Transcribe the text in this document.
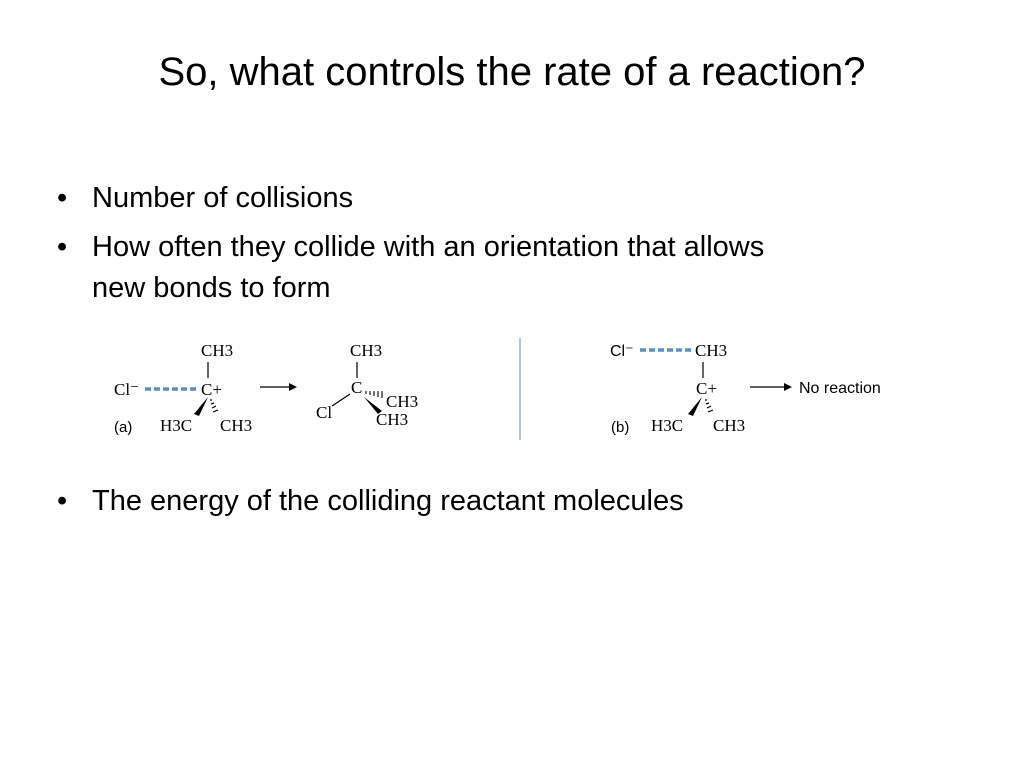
So, what controls the rate of a reaction?
• Number of collisions
• How often they collide with an orientation that allows new bonds to form
CH3
Cl⁻	C+
H3C CH3
(a)
CH3
C
Cl
CH3
CH3
Cl⁻	CH3
C+
H3C CH3
(b)
No reaction
• The energy of the colliding reactant molecules
